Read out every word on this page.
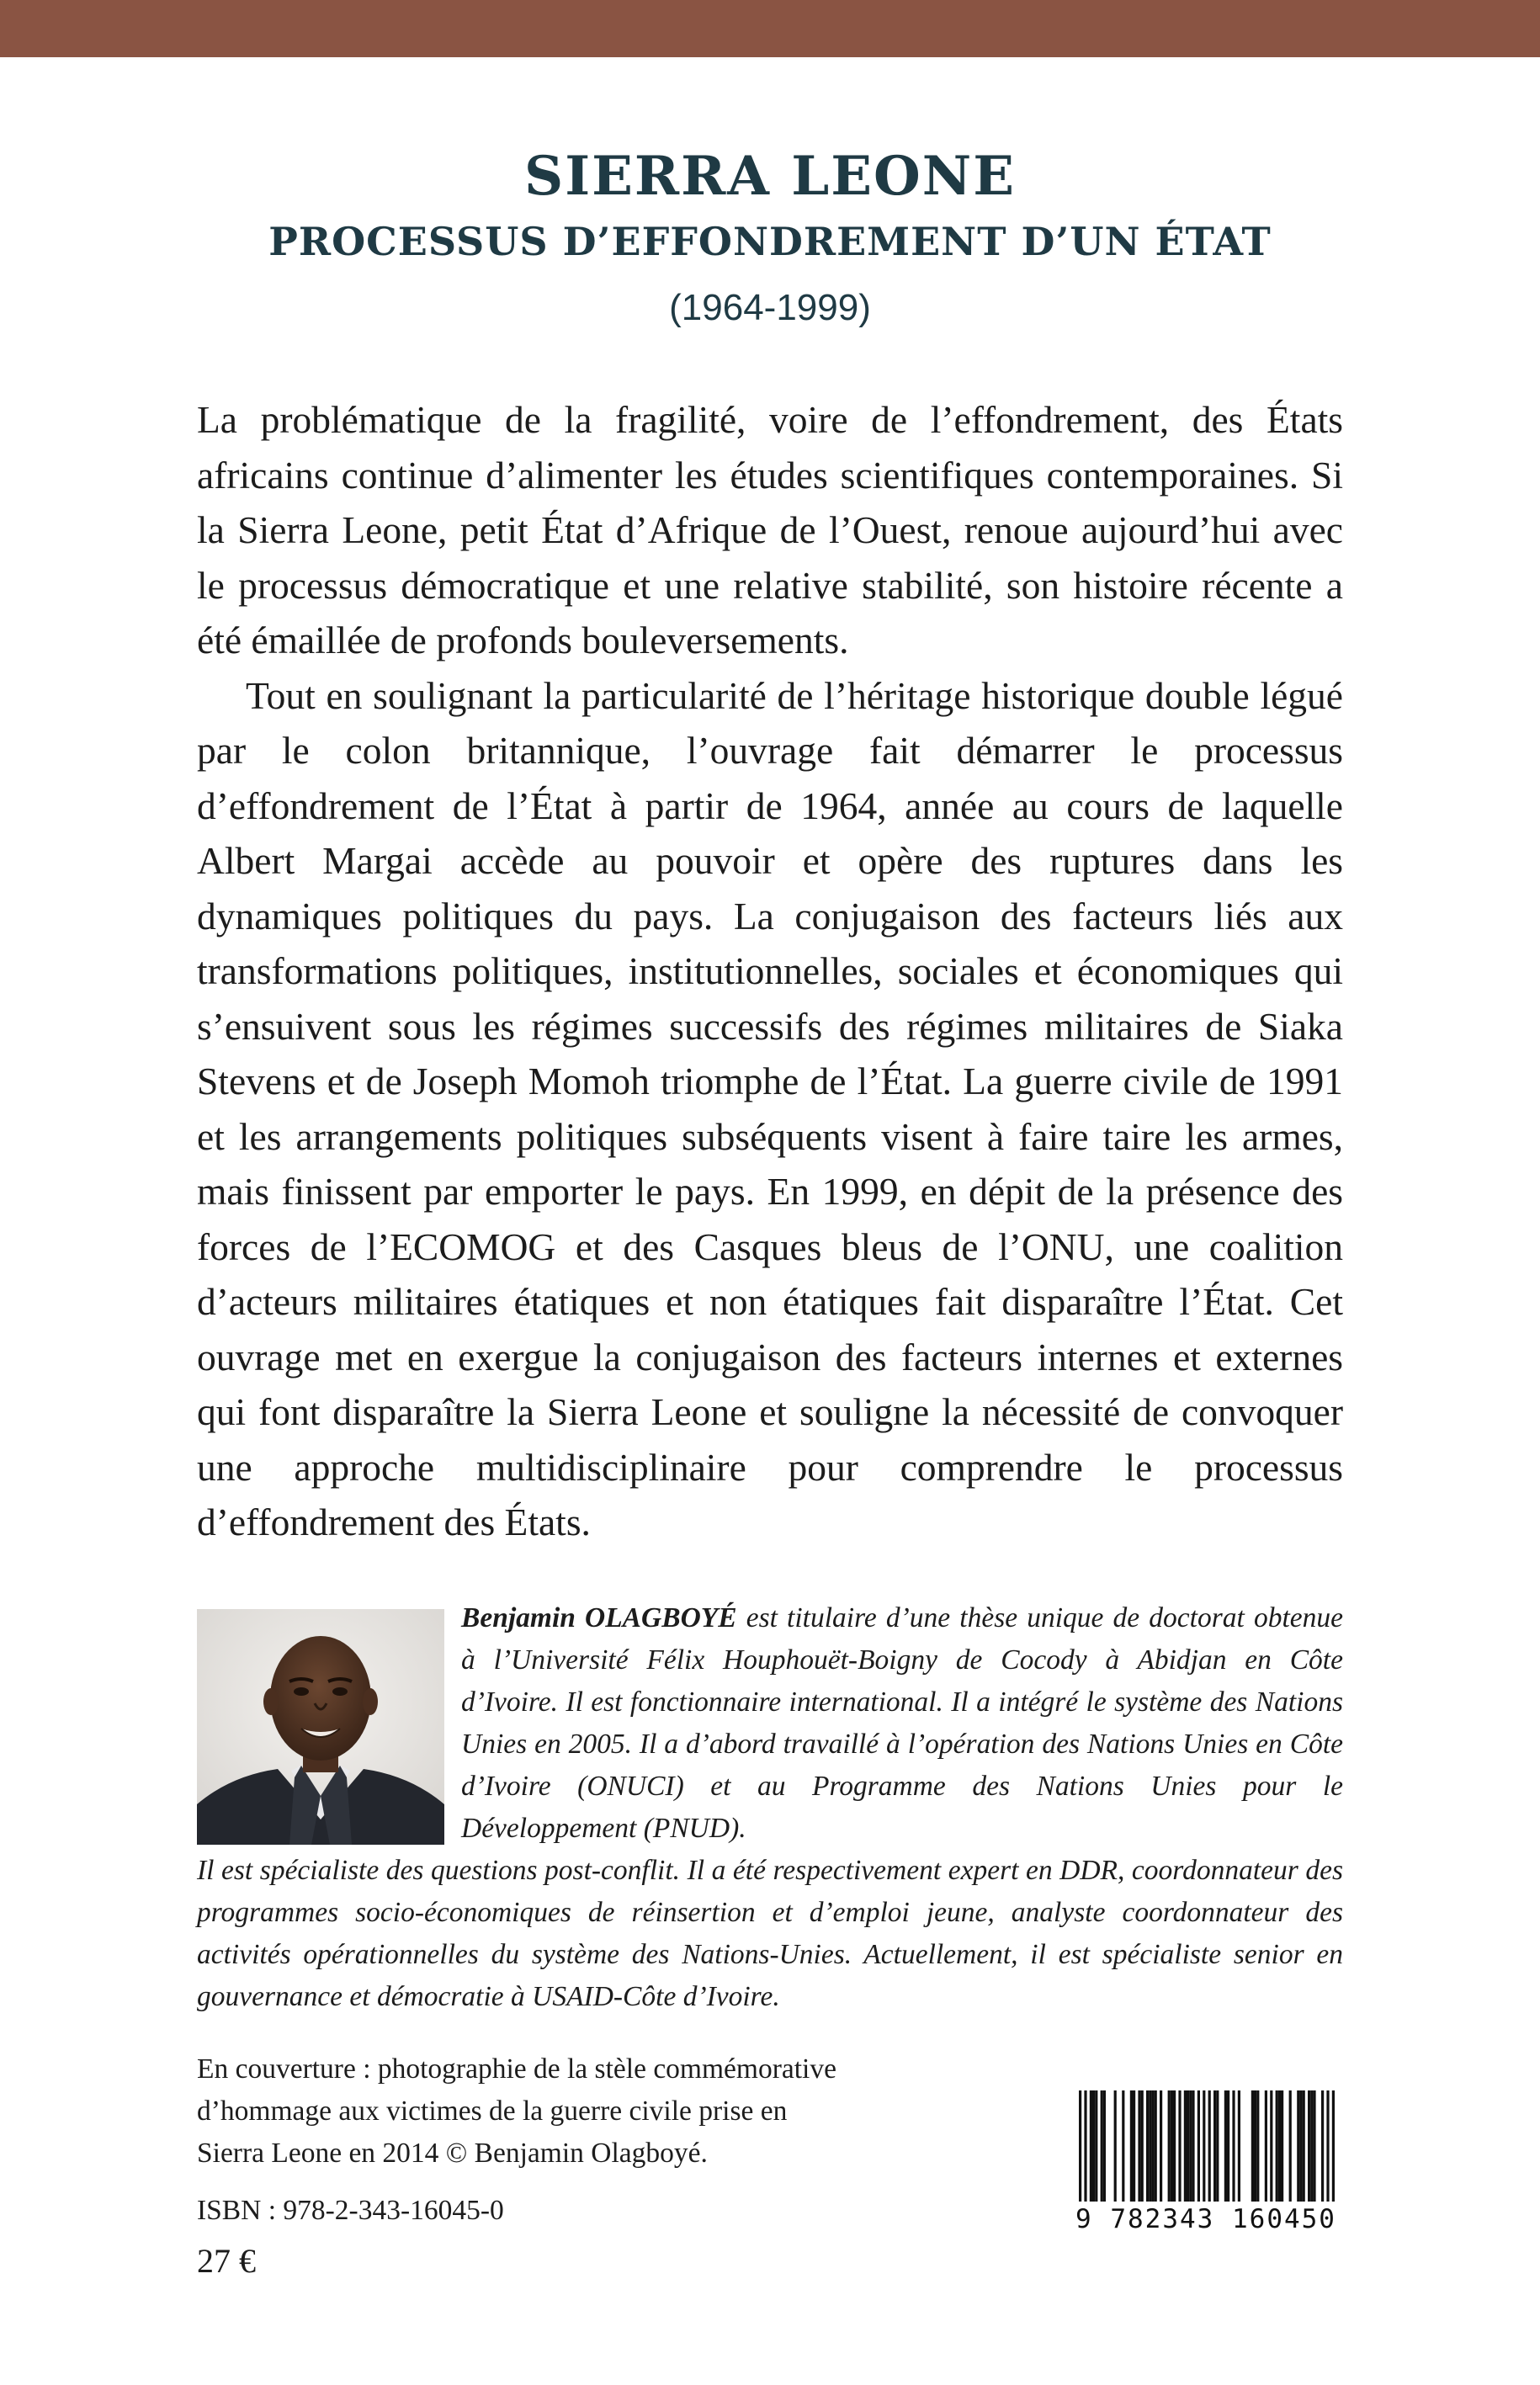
SIERRA LEONE
PROCESSUS D’EFFONDREMENT D’UN ÉTAT
(1964-1999)

La problématique de la fragilité, voire de l’effondrement, des États africains continue d’alimenter les études scientifiques contemporaines. Si la Sierra Leone, petit État d’Afrique de l’Ouest, renoue aujourd’hui avec le processus démocratique et une relative stabilité, son histoire récente a été émaillée de profonds bouleversements.

Tout en soulignant la particularité de l’héritage historique double légué par le colon britannique, l’ouvrage fait démarrer le processus d’effondrement de l’État à partir de 1964, année au cours de laquelle Albert Margai accède au pouvoir et opère des ruptures dans les dynamiques politiques du pays. La conjugaison des facteurs liés aux transformations politiques, institutionnelles, sociales et économiques qui s’ensuivent sous les régimes successifs des régimes militaires de Siaka Stevens et de Joseph Momoh triomphe de l’État. La guerre civile de 1991 et les arrangements politiques subséquents visent à faire taire les armes, mais finissent par emporter le pays. En 1999, en dépit de la présence des forces de l’ECOMOG et des Casques bleus de l’ONU, une coalition d’acteurs militaires étatiques et non étatiques fait disparaître l’État. Cet ouvrage met en exergue la conjugaison des facteurs internes et externes qui font disparaître la Sierra Leone et souligne la nécessité de convoquer une approche multidisciplinaire pour comprendre le processus d’effondrement des États.

Benjamin OLAGBOYÉ est titulaire d’une thèse unique de doctorat obtenue à l’Université Félix Houphouët-Boigny de Cocody à Abidjan en Côte d’Ivoire. Il est fonctionnaire international. Il a intégré le système des Nations Unies en 2005. Il a d’abord travaillé à l’opération des Nations Unies en Côte d’Ivoire (ONUCI) et au Programme des Nations Unies pour le Développement (PNUD).
Il est spécialiste des questions post-conflit. Il a été respectivement expert en DDR, coordonnateur des programmes socio-économiques de réinsertion et d’emploi jeune, analyste coordonnateur des activités opérationnelles du système des Nations-Unies. Actuellement, il est spécialiste senior en gouvernance et démocratie à USAID-Côte d’Ivoire.
En couverture : photographie de la stèle commémorative d’hommage aux victimes de la guerre civile prise en Sierra Leone en 2014 © Benjamin Olagboyé.
ISBN : 978-2-343-16045-0
27 €
9 782343 160450
